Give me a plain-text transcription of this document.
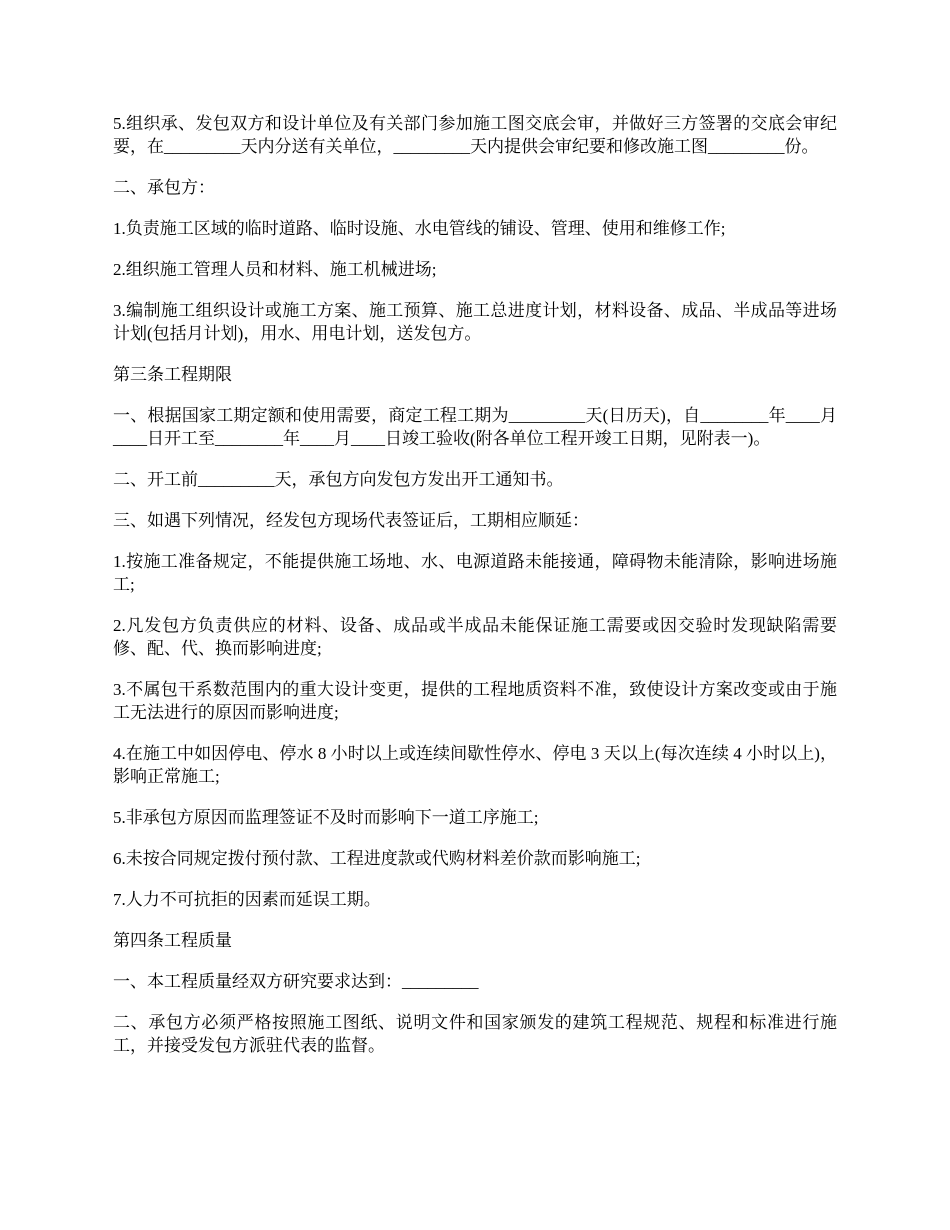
5.组织承、发包双方和设计单位及有关部门参加施工图交底会审，并做好三方签署的交底会审纪要，在_________天内分送有关单位，_________天内提供会审纪要和修改施工图_________份。

二、承包方：

1.负责施工区域的临时道路、临时设施、水电管线的铺设、管理、使用和维修工作;

2.组织施工管理人员和材料、施工机械进场;

3.编制施工组织设计或施工方案、施工预算、施工总进度计划，材料设备、成品、半成品等进场计划(包括月计划)，用水、用电计划，送发包方。

第三条工程期限

一、根据国家工期定额和使用需要，商定工程工期为_________天(日历天)，自________年____月____日开工至________年____月____日竣工验收(附各单位工程开竣工日期，见附表一)。

二、开工前_________天，承包方向发包方发出开工通知书。

三、如遇下列情况，经发包方现场代表签证后，工期相应顺延：

1.按施工准备规定，不能提供施工场地、水、电源道路未能接通，障碍物未能清除，影响进场施工;

2.凡发包方负责供应的材料、设备、成品或半成品未能保证施工需要或因交验时发现缺陷需要修、配、代、换而影响进度;

3.不属包干系数范围内的重大设计变更，提供的工程地质资料不准，致使设计方案改变或由于施工无法进行的原因而影响进度;

4.在施工中如因停电、停水 8 小时以上或连续间歇性停水、停电 3 天以上(每次连续 4 小时以上)，影响正常施工;

5.非承包方原因而监理签证不及时而影响下一道工序施工;

6.未按合同规定拨付预付款、工程进度款或代购材料差价款而影响施工;

7.人力不可抗拒的因素而延误工期。

第四条工程质量

一、本工程质量经双方研究要求达到：_________

二、承包方必须严格按照施工图纸、说明文件和国家颁发的建筑工程规范、规程和标准进行施工，并接受发包方派驻代表的监督。
